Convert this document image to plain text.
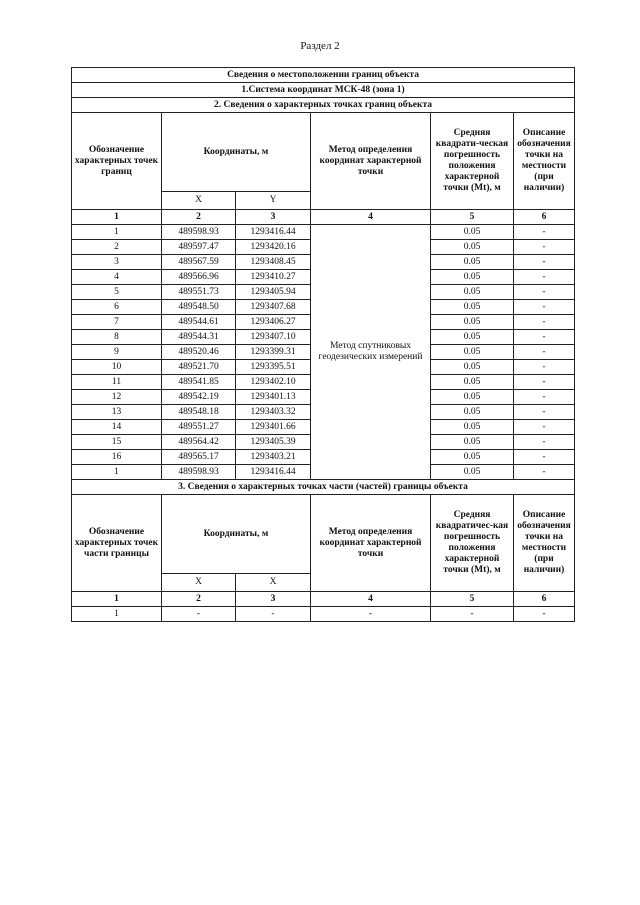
Раздел 2
Сведения о местоположении границ объекта					
1.Система координат МСК-48 (зона 1)					
2. Сведения о характерных точках границ объекта					
Обозначение характерных точек границ	Координаты, м		Метод определения координат характерной точки	Средняя квадрати-ческая погрешность положения характерной точки (Mt), м	Описание обозначения точки на местности (при наличии)
	X	Y			
1	2	3	4	5	6
1	489598.93	1293416.44	Метод спутниковых геодезических измерений	0.05	-
2	489597.47	1293420.16		0.05	-
3	489567.59	1293408.45		0.05	-
4	489566.96	1293410.27		0.05	-
5	489551.73	1293405.94		0.05	-
6	489548.50	1293407.68		0.05	-
7	489544.61	1293406.27		0.05	-
8	489544.31	1293407.10		0.05	-
9	489520.46	1293399.31		0.05	-
10	489521.70	1293395.51		0.05	-
11	489541.85	1293402.10		0.05	-
12	489542.19	1293401.13		0.05	-
13	489548.18	1293403.32		0.05	-
14	489551.27	1293401.66		0.05	-
15	489564.42	1293405.39		0.05	-
16	489565.17	1293403.21		0.05	-
1	489598.93	1293416.44		0.05	-
3. Сведения о характерных точках части (частей) границы объекта					
Обозначение характерных точек части границы	Координаты, м		Метод определения координат характерной точки	Средняя квадратичес-кая погрешность положения характерной точки (Mt), м	Описание обозначения точки на местности (при наличии)
	X	X			
1	2	3	4	5	6
1	-	-	-	-	-
